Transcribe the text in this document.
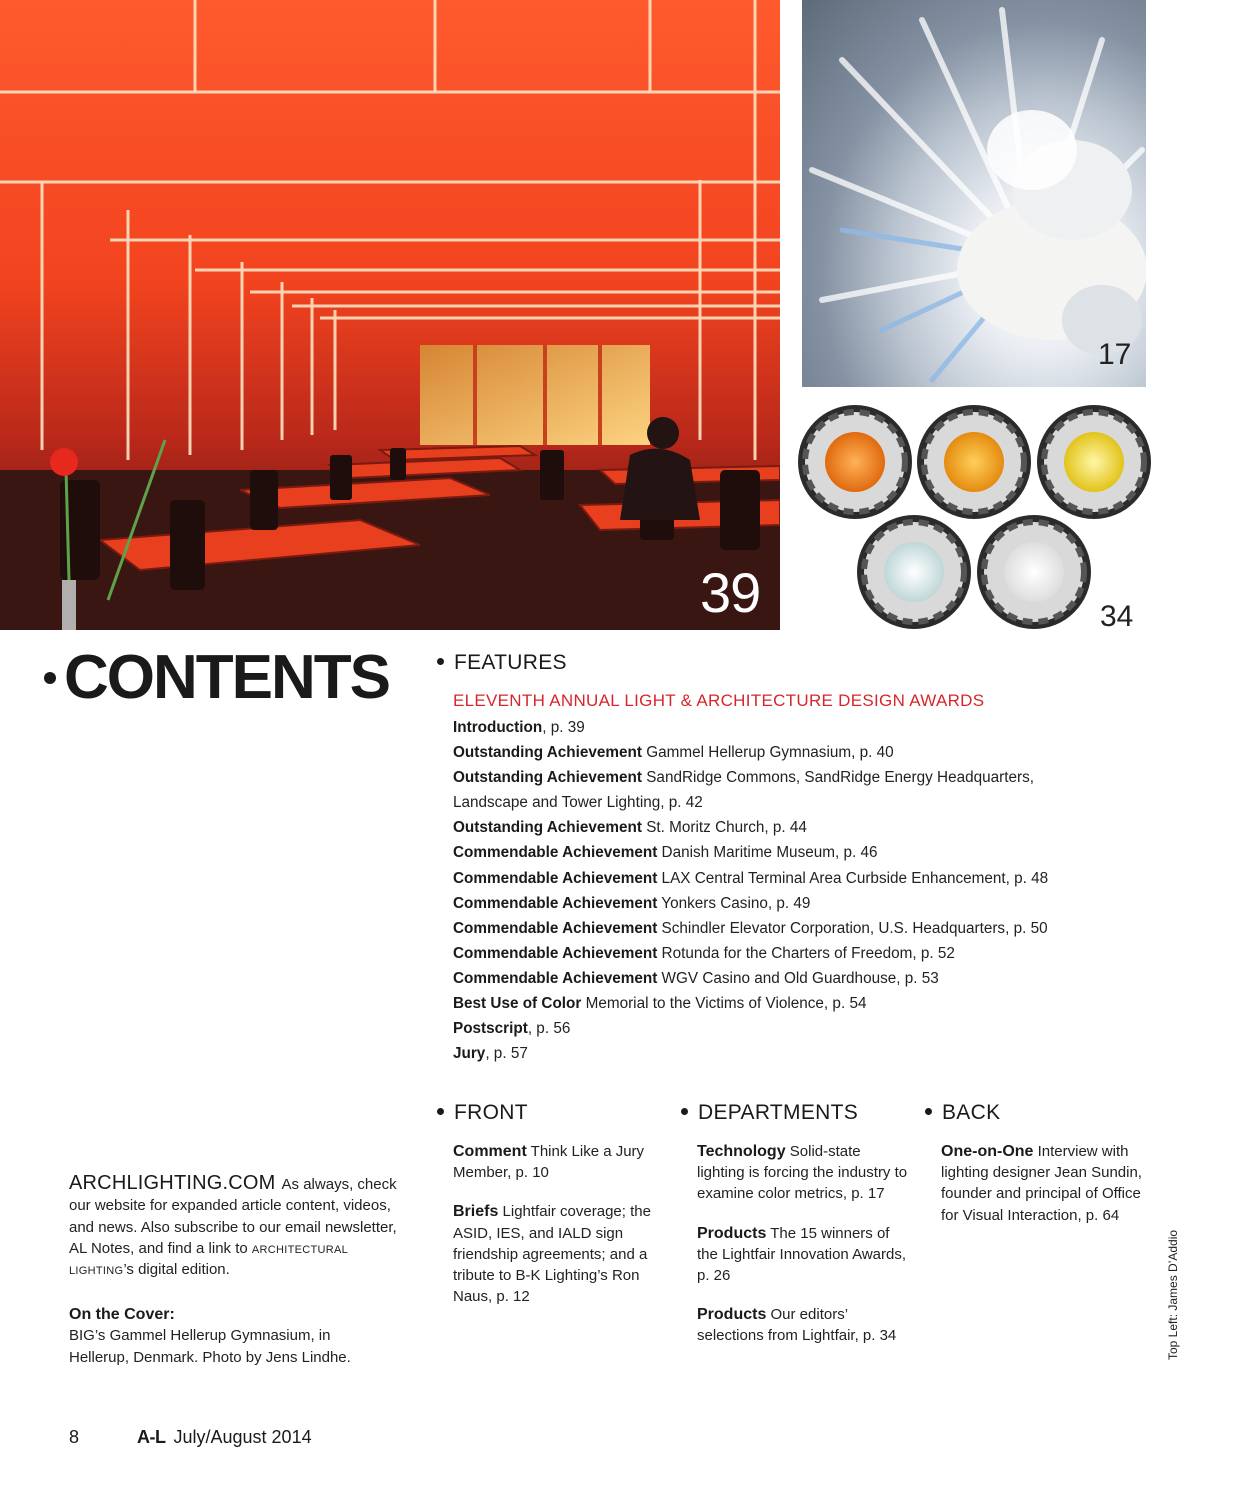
39
17
34
CONTENTS	FEATURES
ELEVENTH ANNUAL LIGHT & ARCHITECTURE DESIGN AWARDS
Introduction, p. 39
Outstanding Achievement Gammel Hellerup Gymnasium, p. 40
Outstanding Achievement SandRidge Commons, SandRidge Energy Headquarters,
Landscape and Tower Lighting, p. 42
Outstanding Achievement St. Moritz Church, p. 44
Commendable Achievement Danish Maritime Museum, p. 46
Commendable Achievement LAX Central Terminal Area Curbside Enhancement, p. 48
Commendable Achievement Yonkers Casino, p. 49
Commendable Achievement Schindler Elevator Corporation, U.S. Headquarters, p. 50
Commendable Achievement Rotunda for the Charters of Freedom, p. 52
Commendable Achievement WGV Casino and Old Guardhouse, p. 53
Best Use of Color Memorial to the Victims of Violence, p. 54
Postscript, p. 56
Jury, p. 57
FRONT

Comment Think Like a Jury Member, p. 10

Briefs Lightfair coverage; the ASID, IES, and IALD sign friendship agreements; and a tribute to B-K Lighting’s Ron Naus, p. 12

DEPARTMENTS

Technology Solid-state lighting is forcing the industry to examine color metrics, p. 17

Products The 15 winners of the Lightfair Innovation Awards, p. 26

Products Our editors’ selections from Lightfair, p. 34

BACK

One-on-One Interview with lighting designer Jean Sundin, founder and principal of Office for Visual Interaction, p. 64

ARCHLIGHTING.COM As always, check our website for expanded article content, videos, and news. Also subscribe to our email newsletter, AL Notes, and find a link to architectural lighting’s digital edition.
On the Cover:
BIG’s Gammel Hellerup Gymnasium, in Hellerup, Denmark. Photo by Jens Lindhe.	Top Left: James D’Addio
8	A-L July/August 2014
